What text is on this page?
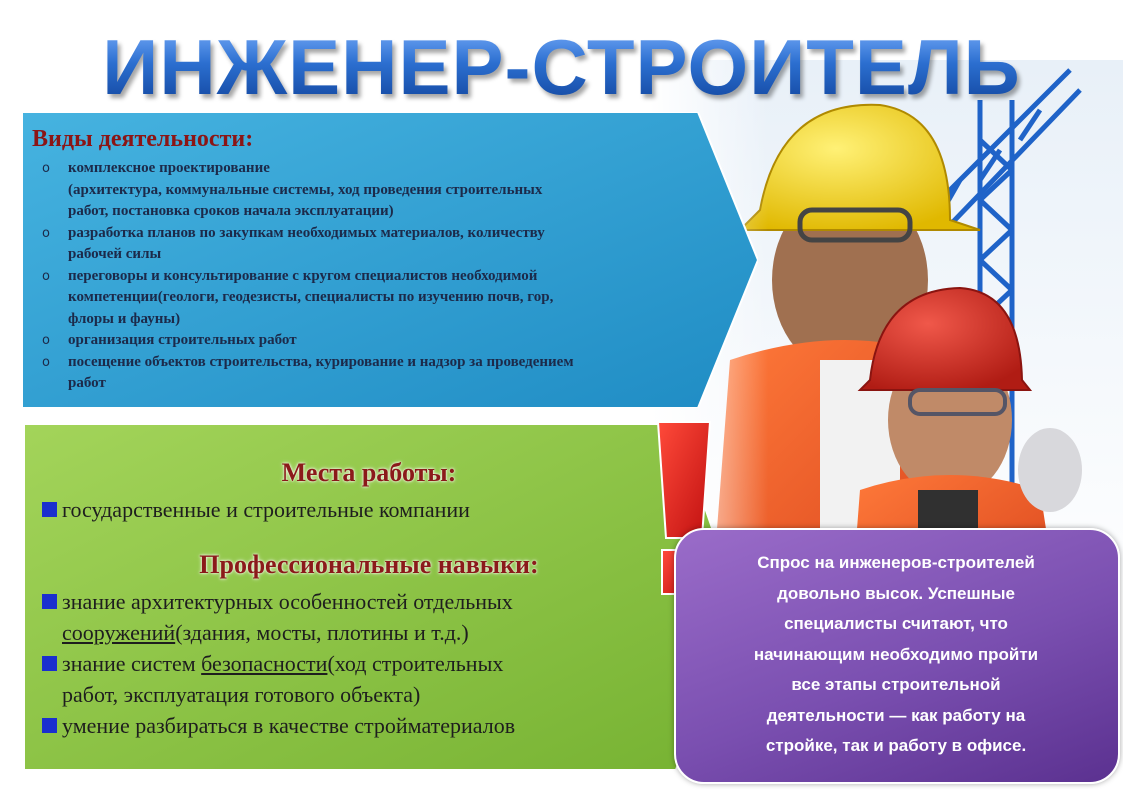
ИНЖЕНЕР-СТРОИТЕЛЬ
Виды деятельности:
o комплексное проектирование
(архитектура, коммунальные системы, ход проведения строительных
работ, постановка сроков начала эксплуатации)
o разработка планов по закупкам необходимых материалов, количеству
рабочей силы
o переговоры и консультирование с кругом специалистов необходимой
компетенции(геологи, геодезисты, специалисты по изучению почв, гор,
флоры и фауны)
o организация строительных работ
o посещение объектов строительства, курирование и надзор за проведением
работ
Места работы:
государственные и строительные компании
Профессиональные навыки:
знание архитектурных особенностей отдельных
сооружений(здания, мосты, плотины и т.д.)
знание систем безопасности(ход строительных
работ, эксплуатация готового объекта)
умение разбираться в качестве стройматериалов
Спрос на инженеров-строителей
довольно высок. Успешные
специалисты считают, что
начинающим необходимо пройти
все этапы строительной
деятельности — как работу на
стройке, так и работу в офисе.
